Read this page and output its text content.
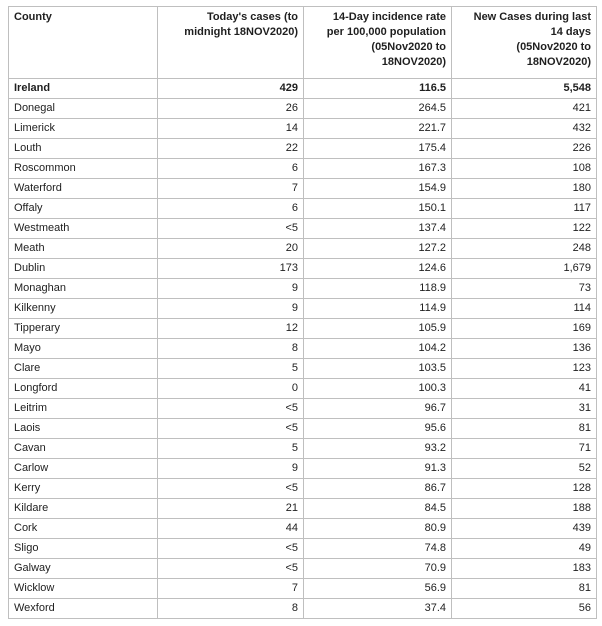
County	Today's cases (to
midnight 18NOV2020)	14-Day incidence rate
per 100,000 population
(05Nov2020 to
18NOV2020)	New Cases during last
14 days
(05Nov2020 to
18NOV2020)

Ireland	429	116.5	5,548
Donegal	26	264.5	421
Limerick	14	221.7	432
Louth	22	175.4	226
Roscommon	6	167.3	108
Waterford	7	154.9	180
Offaly	6	150.1	117
Westmeath	<5	137.4	122
Meath	20	127.2	248
Dublin	173	124.6	1,679
Monaghan	9	118.9	73
Kilkenny	9	114.9	114
Tipperary	12	105.9	169
Mayo	8	104.2	136
Clare	5	103.5	123
Longford	0	100.3	41
Leitrim	<5	96.7	31
Laois	<5	95.6	81
Cavan	5	93.2	71
Carlow	9	91.3	52
Kerry	<5	86.7	128
Kildare	21	84.5	188
Cork	44	80.9	439
Sligo	<5	74.8	49
Galway	<5	70.9	183
Wicklow	7	56.9	81
Wexford	8	37.4	56
